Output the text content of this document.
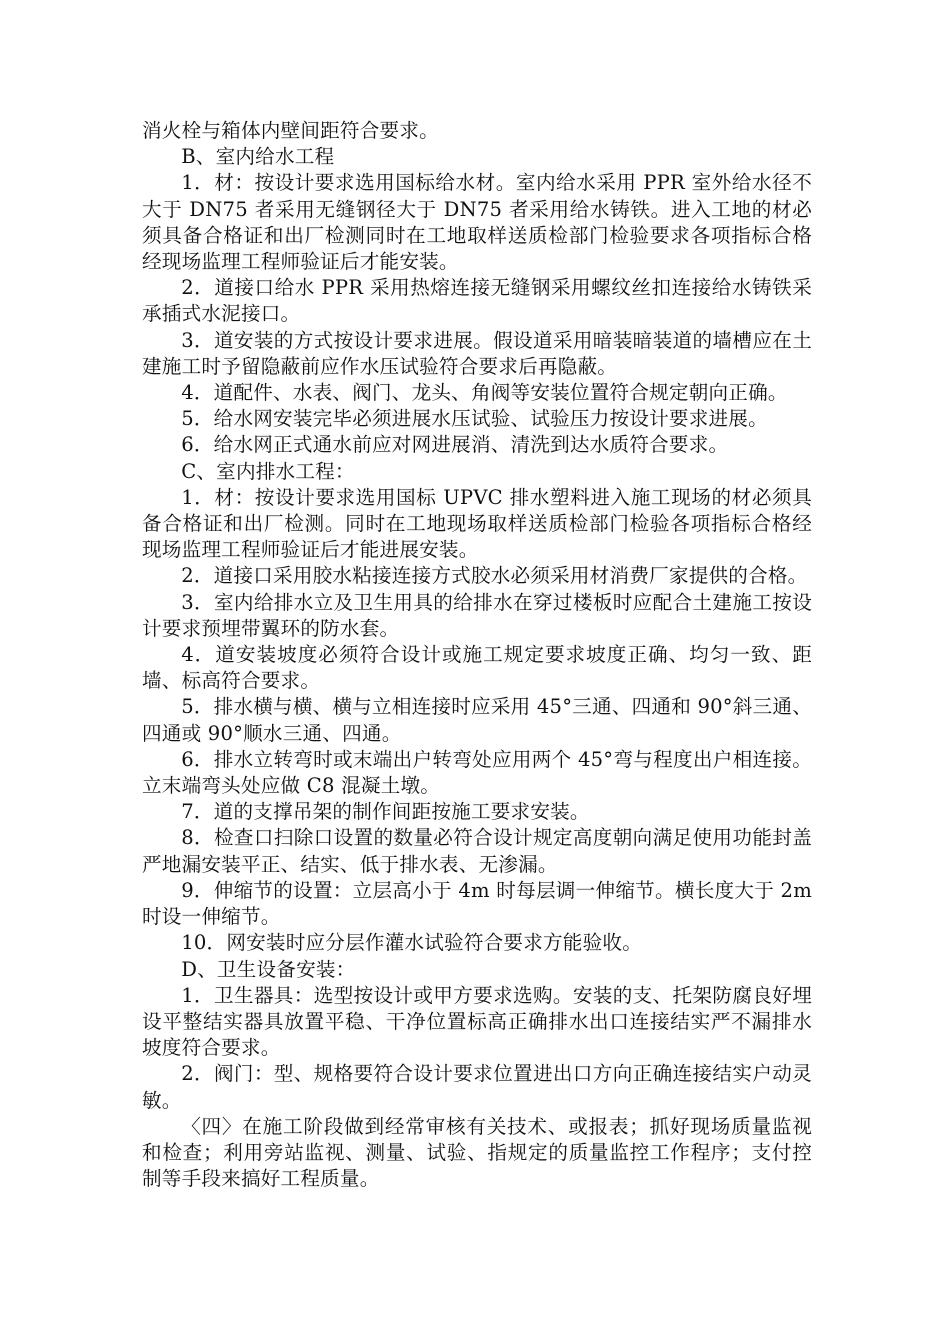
消火栓与箱体内壁间距符合要求。

B、室内给水工程

1．材：按设计要求选用国标给水材。室内给水采用 PPR 室外给水径不大于 DN75 者采用无缝钢径大于 DN75 者采用给水铸铁。进入工地的材必须具备合格证和出厂检测同时在工地取样送质检部门检验要求各项指标合格经现场监理工程师验证后才能安装。

2．道接口给水 PPR 采用热熔连接无缝钢采用螺纹丝扣连接给水铸铁采承插式水泥接口。

3．道安装的方式按设计要求进展。假设道采用暗装暗装道的墙槽应在土建施工时予留隐蔽前应作水压试验符合要求后再隐蔽。

4．道配件、水表、阀门、龙头、角阀等安装位置符合规定朝向正确。

5．给水网安装完毕必须进展水压试验、试验压力按设计要求进展。

6．给水网正式通水前应对网进展消、清洗到达水质符合要求。

C、室内排水工程：

1．材：按设计要求选用国标 UPVC 排水塑料进入施工现场的材必须具备合格证和出厂检测。同时在工地现场取样送质检部门检验各项指标合格经现场监理工程师验证后才能进展安装。

2．道接口采用胶水粘接连接方式胶水必须采用材消费厂家提供的合格。

3．室内给排水立及卫生用具的给排水在穿过楼板时应配合土建施工按设计要求预埋带翼环的防水套。

4．道安装坡度必须符合设计或施工规定要求坡度正确、均匀一致、距墙、标高符合要求。

5．排水横与横、横与立相连接时应采用 45°三通、四通和 90°斜三通、四通或 90°顺水三通、四通。

6．排水立转弯时或末端出户转弯处应用两个 45°弯与程度出户相连接。立末端弯头处应做 C8 混凝土墩。

7．道的支撑吊架的制作间距按施工要求安装。

8．检查口扫除口设置的数量必符合设计规定高度朝向满足使用功能封盖严地漏安装平正、结实、低于排水表、无渗漏。

9．伸缩节的设置：立层高小于 4m 时每层调一伸缩节。横长度大于 2m 时设一伸缩节。

10．网安装时应分层作灌水试验符合要求方能验收。

D、卫生设备安装：

1．卫生器具：选型按设计或甲方要求选购。安装的支、托架防腐良好埋设平整结实器具放置平稳、干净位置标高正确排水出口连接结实严不漏排水坡度符合要求。

2．阀门：型、规格要符合设计要求位置进出口方向正确连接结实户动灵敏。

〈四〉在施工阶段做到经常审核有关技术、或报表；抓好现场质量监视和检查；利用旁站监视、测量、试验、指规定的质量监控工作程序；支付控制等手段来搞好工程质量。
